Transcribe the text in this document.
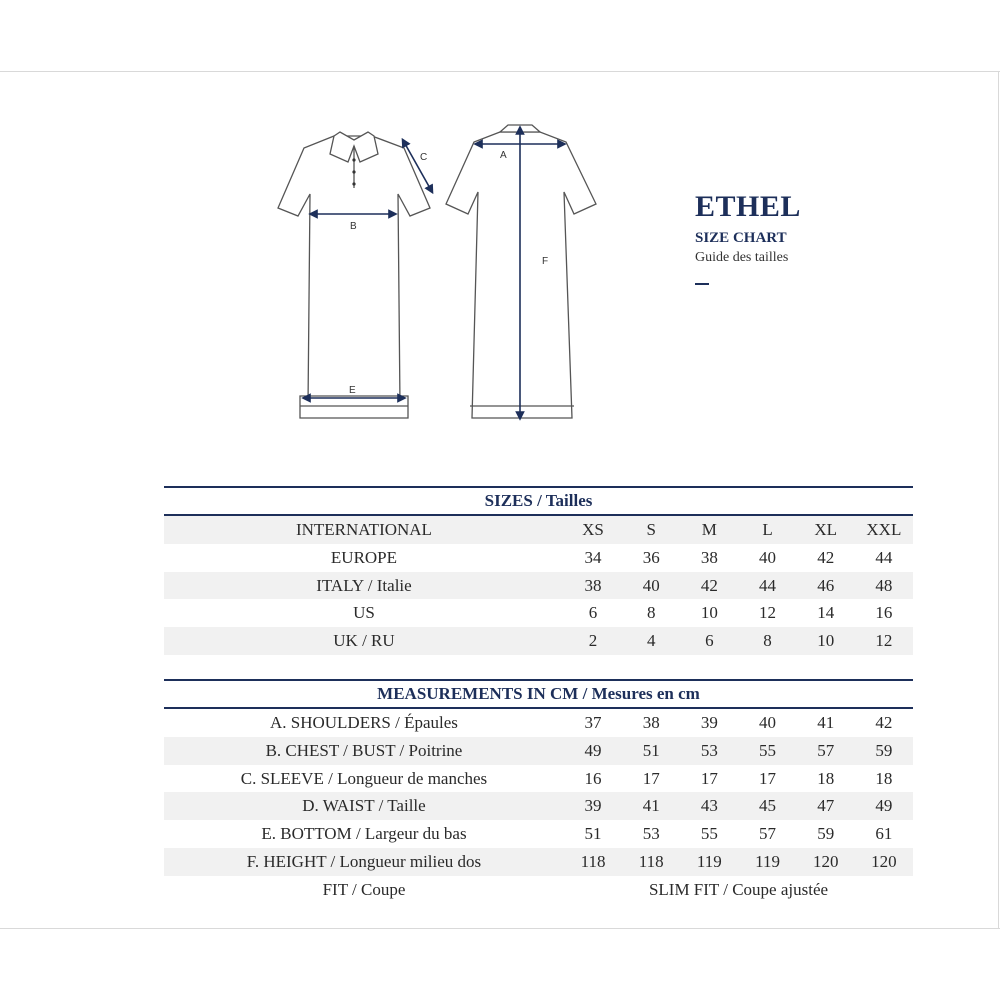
B
C
E
A
F
ETHEL
SIZE CHART
Guide des tailles
SIZES / Tailles
INTERNATIONAL	XS	S	M	L	XL	XXL
EUROPE	34	36	38	40	42	44
ITALY / Italie	38	40	42	44	46	48
US	6	8	10	12	14	16
UK / RU	2	4	6	8	10	12
MEASUREMENTS IN CM / Mesures en cm
A. SHOULDERS / Épaules	37	38	39	40	41	42
B. CHEST / BUST / Poitrine	49	51	53	55	57	59
C. SLEEVE / Longueur de manches	16	17	17	17	18	18
D. WAIST / Taille	39	41	43	45	47	49
E. BOTTOM / Largeur du bas	51	53	55	57	59	61
F. HEIGHT / Longueur milieu dos	118	118	119	119	120	120
FIT / Coupe	SLIM FIT / Coupe ajustée
